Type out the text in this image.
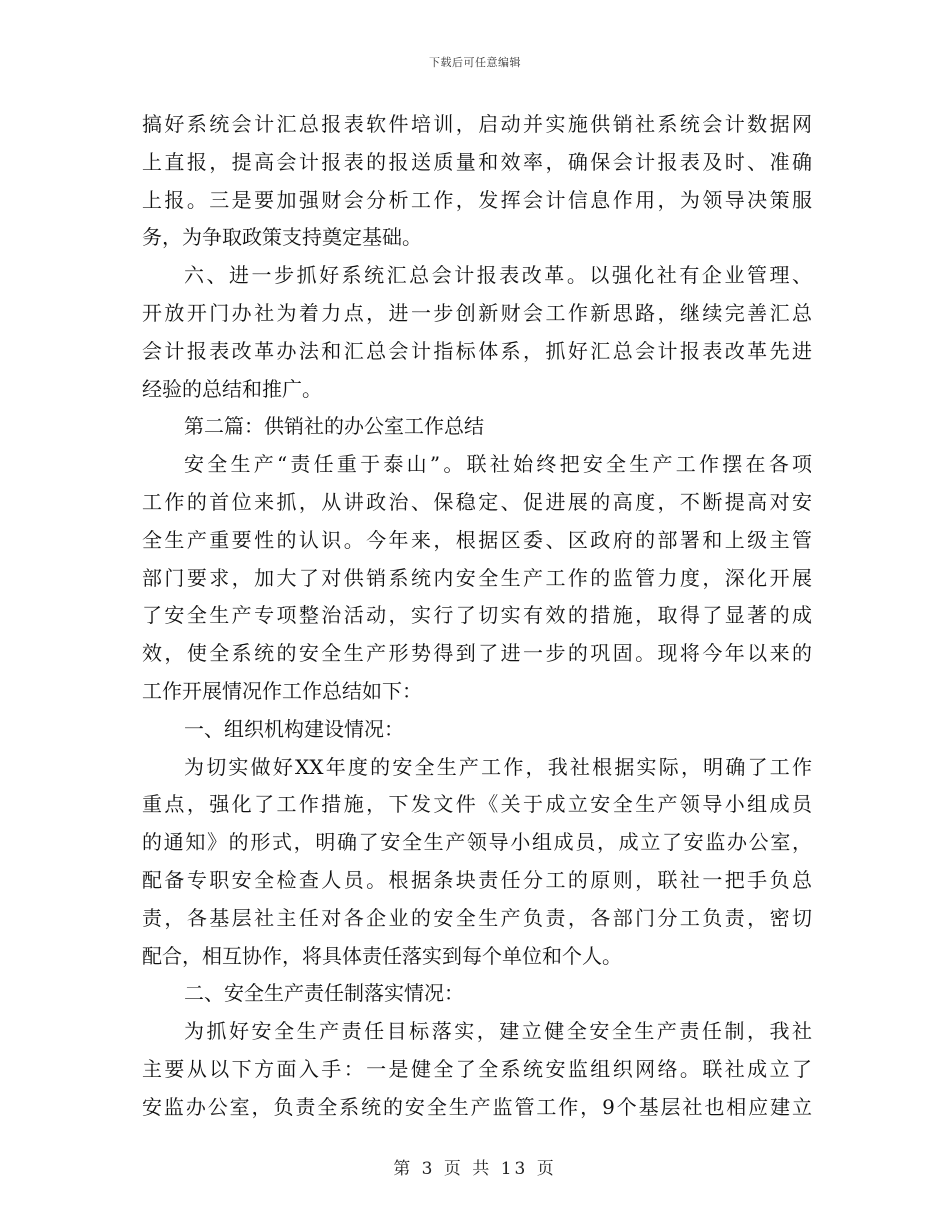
下载后可任意编辑
搞好系统会计汇总报表软件培训，启动并实施供销社系统会计数据网
上直报，提高会计报表的报送质量和效率，确保会计报表及时、准确
上报。三是要加强财会分析工作，发挥会计信息作用，为领导决策服
务，为争取政策支持奠定基础。
六、进一步抓好系统汇总会计报表改革。以强化社有企业管理、
开放开门办社为着力点，进一步创新财会工作新思路，继续完善汇总
会计报表改革办法和汇总会计指标体系，抓好汇总会计报表改革先进
经验的总结和推广。
第二篇：供销社的办公室工作总结
安全生产“责任重于泰山”。联社始终把安全生产工作摆在各项
工作的首位来抓，从讲政治、保稳定、促进展的高度，不断提高对安
全生产重要性的认识。今年来，根据区委、区政府的部署和上级主管
部门要求，加大了对供销系统内安全生产工作的监管力度，深化开展
了安全生产专项整治活动，实行了切实有效的措施，取得了显著的成
效，使全系统的安全生产形势得到了进一步的巩固。现将今年以来的
工作开展情况作工作总结如下：
一、组织机构建设情况：
为切实做好XX年度的安全生产工作，我社根据实际，明确了工作
重点，强化了工作措施，下发文件《关于成立安全生产领导小组成员
的通知》的形式，明确了安全生产领导小组成员，成立了安监办公室，
配备专职安全检查人员。根据条块责任分工的原则，联社一把手负总
责，各基层社主任对各企业的安全生产负责，各部门分工负责，密切
配合，相互协作，将具体责任落实到每个单位和个人。
二、安全生产责任制落实情况：
为抓好安全生产责任目标落实，建立健全安全生产责任制，我社
主要从以下方面入手：一是健全了全系统安监组织网络。联社成立了
安监办公室，负责全系统的安全生产监管工作，9个基层社也相应建立
第 3 页 共 13 页
